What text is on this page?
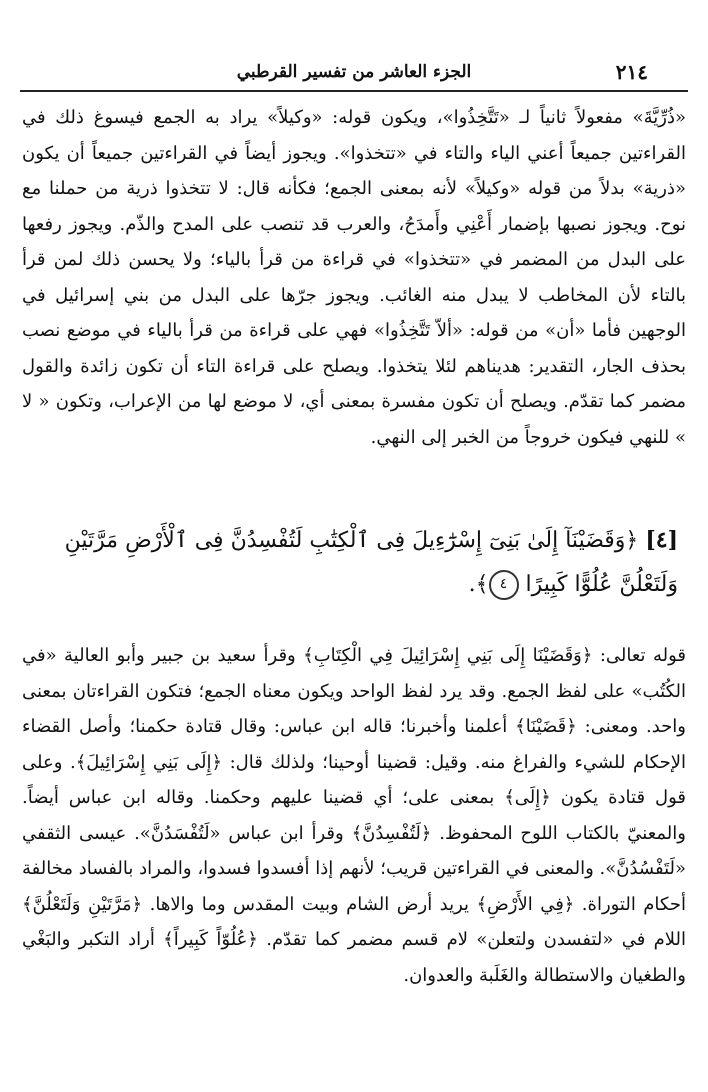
٢١٤
الجزء العاشر من تفسير القرطبي
«ذُرِّيَّةَ» مفعولاً ثانياً لـ «تَتَّخِذُوا»، ويكون قوله: «وكيلاً» يراد به الجمع فيسوغ ذلك في القراءتين جميعاً أعني الياء والتاء في «تتخذوا». ويجوز أيضاً في القراءتين جميعاً أن يكون «ذرية» بدلاً من قوله «وكيلاً» لأنه بمعنى الجمع؛ فكأنه قال: لا تتخذوا ذرية من حملنا مع نوح. ويجوز نصبها بإضمار أَعْنِي وأَمدَحُ، والعرب قد تنصب على المدح والذّم. ويجوز رفعها على البدل من المضمر في «تتخذوا» في قراءة من قرأ بالياء؛ ولا يحسن ذلك لمن قرأ بالتاء لأن المخاطب لا يبدل منه الغائب. ويجوز جرّها على البدل من بني إسرائيل في الوجهين فأما «أن» من قوله: «ألاّ تَتَّخِذُوا» فهي على قراءة من قرأ بالياء في موضع نصب بحذف الجار، التقدير: هديناهم لئلا يتخذوا. ويصلح على قراءة التاء أن تكون زائدة والقول مضمر كما تقدّم. ويصلح أن تكون مفسرة بمعنى أي، لا موضع لها من الإعراب، وتكون « لا » للنهي فيكون خروجاً من الخبر إلى النهي.
[٤] ﴿وَقَضَيْنَآ إِلَىٰ بَنِىٓ إِسْرَٰٓءِيلَ فِى ٱلْكِتَٰبِ لَتُفْسِدُنَّ فِى ٱلْأَرْضِ مَرَّتَيْنِ وَلَتَعْلُنَّ عُلُوًّا كَبِيرًا ٤﴾.
قوله تعالى: ﴿وَقَضَيْنَا إِلَى بَنِي إِسْرَائِيلَ فِي الْكِتَابِ﴾ وقرأ سعيد بن جبير وأبو العالية «في الكُتُب» على لفظ الجمع. وقد يرد لفظ الواحد ويكون معناه الجمع؛ فتكون القراءتان بمعنى واحد. ومعنى: ﴿قَضَيْنَا﴾ أعلمنا وأخبرنا؛ قاله ابن عباس: وقال قتادة حكمنا؛ وأصل القضاء الإحكام للشيء والفراغ منه. وقيل: قضينا أوحينا؛ ولذلك قال: ﴿إِلَى بَنِي إِسْرَائِيلَ﴾. وعلى قول قتادة يكون ﴿إِلَى﴾ بمعنى على؛ أي قضينا عليهم وحكمنا. وقاله ابن عباس أيضاً. والمعنيّ بالكتاب اللوح المحفوظ. ﴿لَتُفْسِدُنَّ﴾ وقرأ ابن عباس «لَتُفْسَدُنَّ». عيسى الثقفي «لَتَفْسُدُنَّ». والمعنى في القراءتين قريب؛ لأنهم إذا أفسدوا فسدوا، والمراد بالفساد مخالفة أحكام التوراة. ﴿فِي الأَرْضِ﴾ يريد أرض الشام وبيت المقدس وما والاها. ﴿مَرَّتَيْنِ وَلَتَعْلُنَّ﴾ اللام في «لتفسدن ولتعلن» لام قسم مضمر كما تقدّم. ﴿عُلُوّاً كَبِيراً﴾ أراد التكبر والبَغْي والطغيان والاستطالة والغَلَبة والعدوان.
